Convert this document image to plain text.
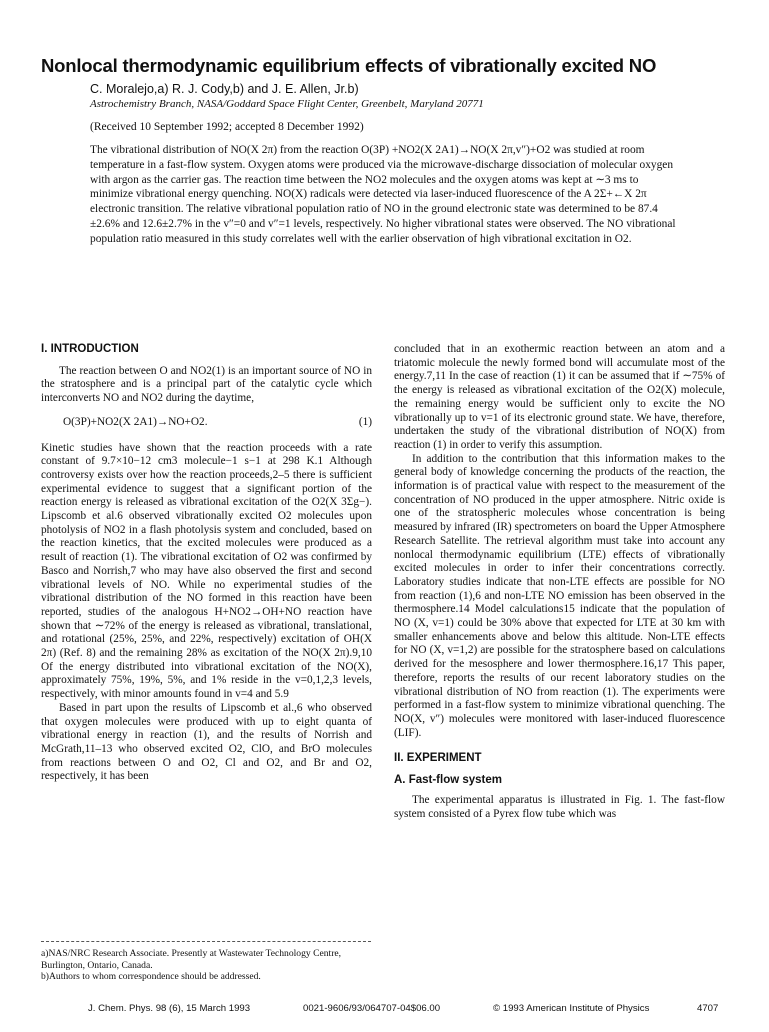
Nonlocal thermodynamic equilibrium effects of vibrationally excited NO
C. Moralejo,a) R. J. Cody,b) and J. E. Allen, Jr.b)
Astrochemistry Branch, NASA/Goddard Space Flight Center, Greenbelt, Maryland 20771
(Received 10 September 1992; accepted 8 December 1992)
The vibrational distribution of NO(X 2π) from the reaction O(3P) +NO2(X 2A1)→NO(X 2π,v″)+O2 was studied at room temperature in a fast-flow system. Oxygen atoms were produced via the microwave-discharge dissociation of molecular oxygen with argon as the carrier gas. The reaction time between the NO2 molecules and the oxygen atoms was kept at ∼3 ms to minimize vibrational energy quenching. NO(X) radicals were detected via laser-induced fluorescence of the A 2Σ+←X 2π electronic transition. The relative vibrational population ratio of NO in the ground electronic state was determined to be 87.4 ±2.6% and 12.6±2.7% in the v″=0 and v″=1 levels, respectively. No higher vibrational states were observed. The NO vibrational population ratio measured in this study correlates well with the earlier observation of high vibrational excitation in O2.
I. INTRODUCTION

The reaction between O and NO2(1) is an important source of NO in the stratosphere and is a principal part of the catalytic cycle which interconverts NO and NO2 during the daytime,

O(3P)+NO2(X 2A1)→NO+O2.	(1)

Kinetic studies have shown that the reaction proceeds with a rate constant of 9.7×10−12 cm3 molecule−1 s−1 at 298 K.1 Although controversy exists over how the reaction proceeds,2–5 there is sufficient experimental evidence to suggest that a significant portion of the reaction energy is released as vibrational excitation of the O2(X 3Σg−). Lipscomb et al.6 observed vibrationally excited O2 molecules upon photolysis of NO2 in a flash photolysis system and concluded, based on the reaction kinetics, that the excited molecules were produced as a result of reaction (1). The vibrational excitation of O2 was confirmed by Basco and Norrish,7 who may have also observed the first and second vibrational levels of NO. While no experimental studies of the vibrational distribution of the NO formed in this reaction have been reported, studies of the analogous H+NO2→OH+NO reaction have shown that ∼72% of the energy is released as vibrational, translational, and rotational (25%, 25%, and 22%, respectively) excitation of OH(X 2π) (Ref. 8) and the remaining 28% as excitation of the NO(X 2π).9,10 Of the energy distributed into vibrational excitation of the NO(X), approximately 75%, 19%, 5%, and 1% reside in the v=0,1,2,3 levels, respectively, with minor amounts found in v=4 and 5.9

Based in part upon the results of Lipscomb et al.,6 who observed that oxygen molecules were produced with up to eight quanta of vibrational energy in reaction (1), and the results of Norrish and McGrath,11–13 who observed excited O2, ClO, and BrO molecules from reactions between O and O2, Cl and O2, and Br and O2, respectively, it has been

concluded that in an exothermic reaction between an atom and a triatomic molecule the newly formed bond will accumulate most of the energy.7,11 In the case of reaction (1) it can be assumed that if ∼75% of the energy is released as vibrational excitation of the O2(X) molecule, the remaining energy would be sufficient only to excite the NO vibrationally up to v=1 of its electronic ground state. We have, therefore, undertaken the study of the vibrational distribution of NO(X) from reaction (1) in order to verify this assumption.

In addition to the contribution that this information makes to the general body of knowledge concerning the products of the reaction, the information is of practical value with respect to the measurement of the concentration of NO produced in the upper atmosphere. Nitric oxide is one of the stratospheric molecules whose concentration is being measured by infrared (IR) spectrometers on board the Upper Atmosphere Research Satellite. The retrieval algorithm must take into account any nonlocal thermodynamic equilibrium (LTE) effects of vibrationally excited molecules in order to infer their concentrations correctly. Laboratory studies indicate that non-LTE effects are possible for NO from reaction (1),6 and non-LTE NO emission has been observed in the thermosphere.14 Model calculations15 indicate that the population of NO (X, v=1) could be 30% above that expected for LTE at 30 km with smaller enhancements above and below this altitude. Non-LTE effects for NO (X, v=1,2) are possible for the stratosphere based on calculations derived for the mesosphere and lower thermosphere.16,17 This paper, therefore, reports the results of our recent laboratory studies on the vibrational distribution of NO from reaction (1). The experiments were performed in a fast-flow system to minimize vibrational quenching. The NO(X, v″) molecules were monitored with laser-induced fluorescence (LIF).

II. EXPERIMENT
A. Fast-flow system

The experimental apparatus is illustrated in Fig. 1. The fast-flow system consisted of a Pyrex flow tube which was

a)NAS/NRC Research Associate. Presently at Wastewater Technology Centre, Burlington, Ontario, Canada.

b)Authors to whom correspondence should be addressed.

J. Chem. Phys. 98 (6), 15 March 1993	0021-9606/93/064707-04$06.00	© 1993 American Institute of Physics	4707
